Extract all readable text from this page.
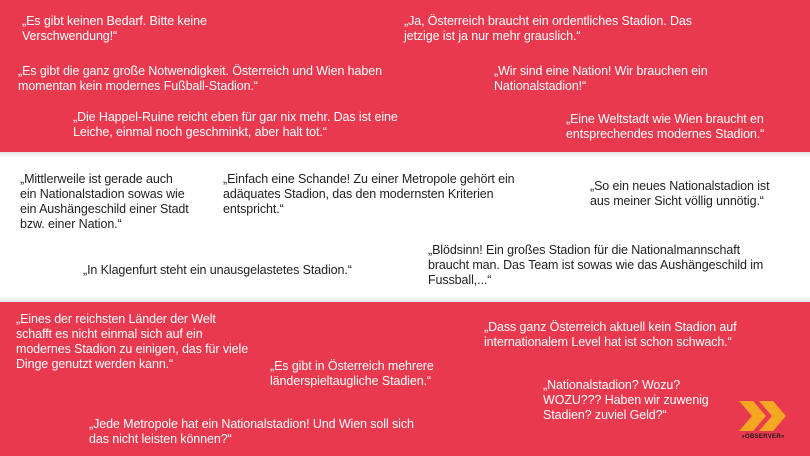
„Es gibt keinen Bedarf. Bitte keine
Verschwendung!“

„Ja, Österreich braucht ein ordentliches Stadion. Das
jetzige ist ja nur mehr grauslich.“

„Es gibt die ganz große Notwendigkeit. Österreich und Wien haben
momentan kein modernes Fußball-Stadion.“

„Wir sind eine Nation! Wir brauchen ein
Nationalstadion!“

„Die Happel-Ruine reicht eben für gar nix mehr. Das ist eine
Leiche, einmal noch geschminkt, aber halt tot.“

„Eine Weltstadt wie Wien braucht en
entsprechendes modernes Stadion.“

„Mittlerweile ist gerade auch
ein Nationalstadion sowas wie
ein Aushängeschild einer Stadt
bzw. einer Nation.“

„Einfach eine Schande! Zu einer Metropole gehört ein
adäquates Stadion, das den modernsten Kriterien
entspricht.“

„So ein neues Nationalstadion ist
aus meiner Sicht völlig unnötig.“

„Blödsinn! Ein großes Stadion für die Nationalmannschaft
braucht man. Das Team ist sowas wie das Aushängeschild im
Fussball,...“

„In Klagenfurt steht ein unausgelastetes Stadion.“

„Eines der reichsten Länder der Welt
schafft es nicht einmal sich auf ein
modernes Stadion zu einigen, das für viele
Dinge genutzt werden kann.“

„Dass ganz Österreich aktuell kein Stadion auf
internationalem Level hat ist schon schwach.“

„Es gibt in Österreich mehrere
länderspieltaugliche Stadien.“	„Nationalstadion? Wozu?
WOZU??? Haben wir zuwenig
Stadien? zuviel Geld?“

„Jede Metropole hat ein Nationalstadion! Und Wien soll sich
das nicht leisten können?“	»OBSERVER«
